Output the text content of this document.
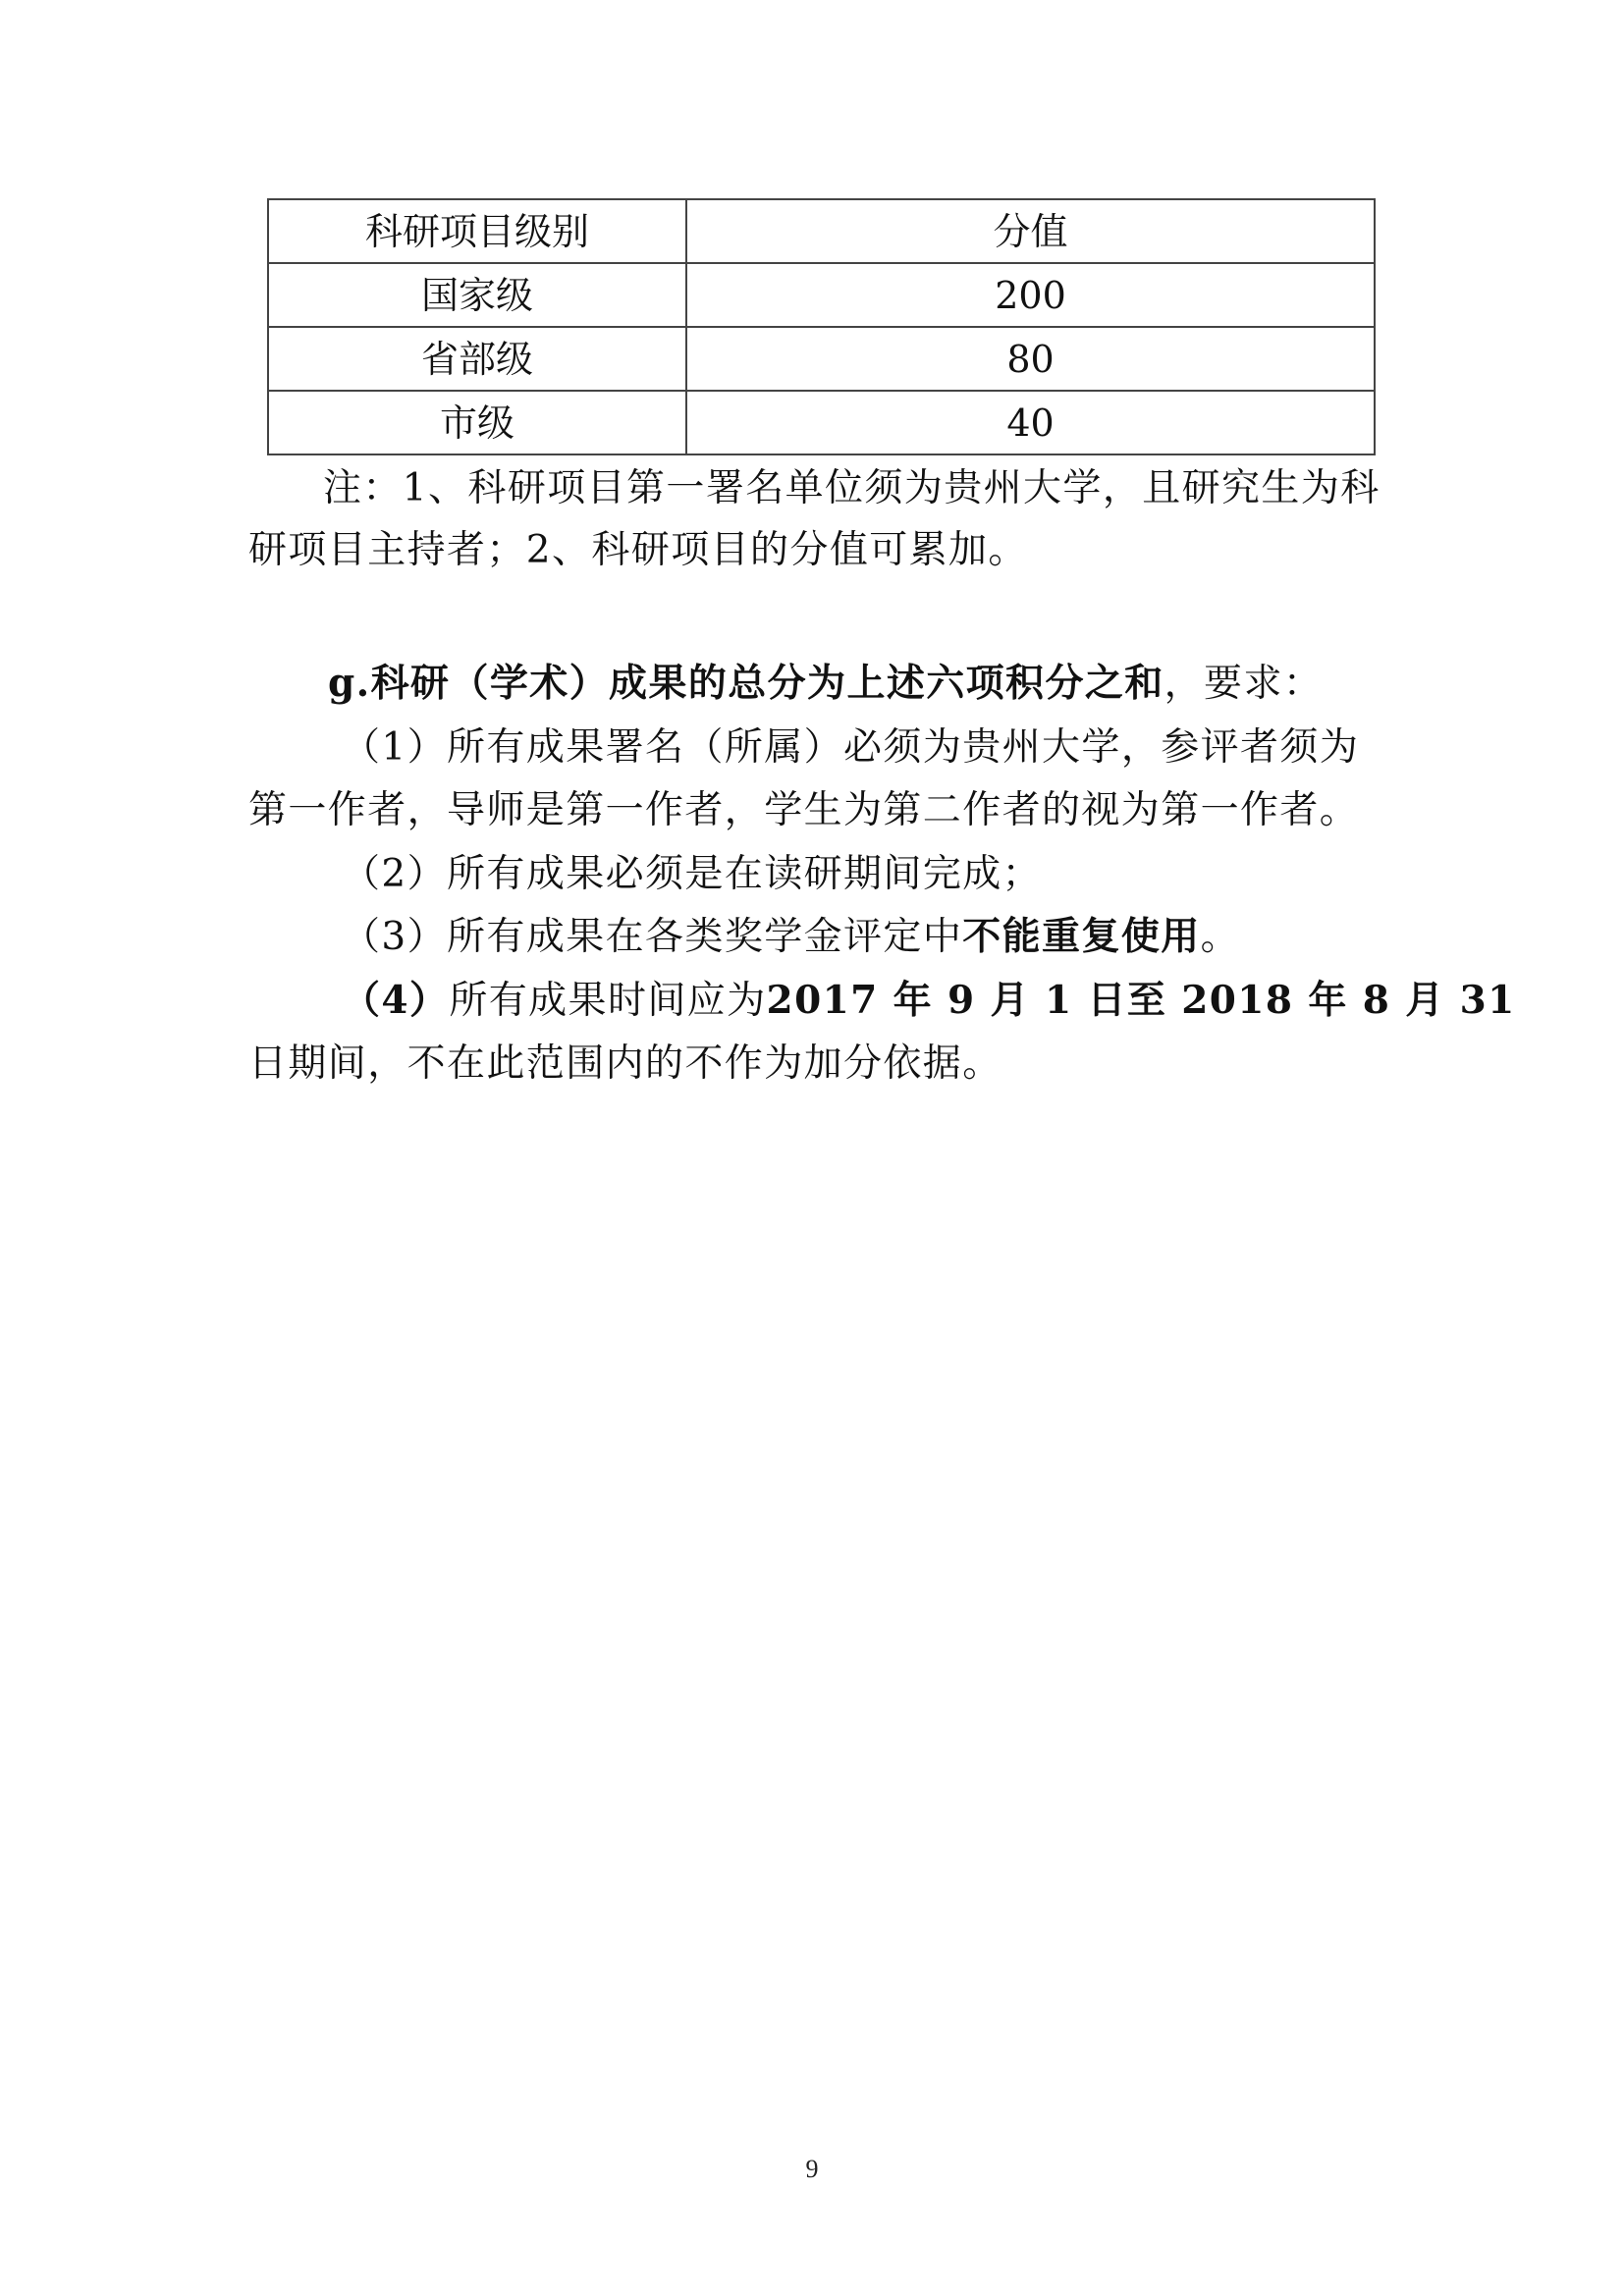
科研项目级别	分值
国家级	200
省部级	80
市级	40
注：1、科研项目第一署名单位须为贵州大学，且研究生为科
研项目主持者；2、科研项目的分值可累加。
g.科研（学术）成果的总分为上述六项积分之和，要求：
（1）所有成果署名（所属）必须为贵州大学，参评者须为
第一作者，导师是第一作者，学生为第二作者的视为第一作者。
（2）所有成果必须是在读研期间完成；
（3）所有成果在各类奖学金评定中不能重复使用。
（4）所有成果时间应为2017 年 9 月 1 日至 2018 年 8 月 31
日期间，不在此范围内的不作为加分依据。
9
